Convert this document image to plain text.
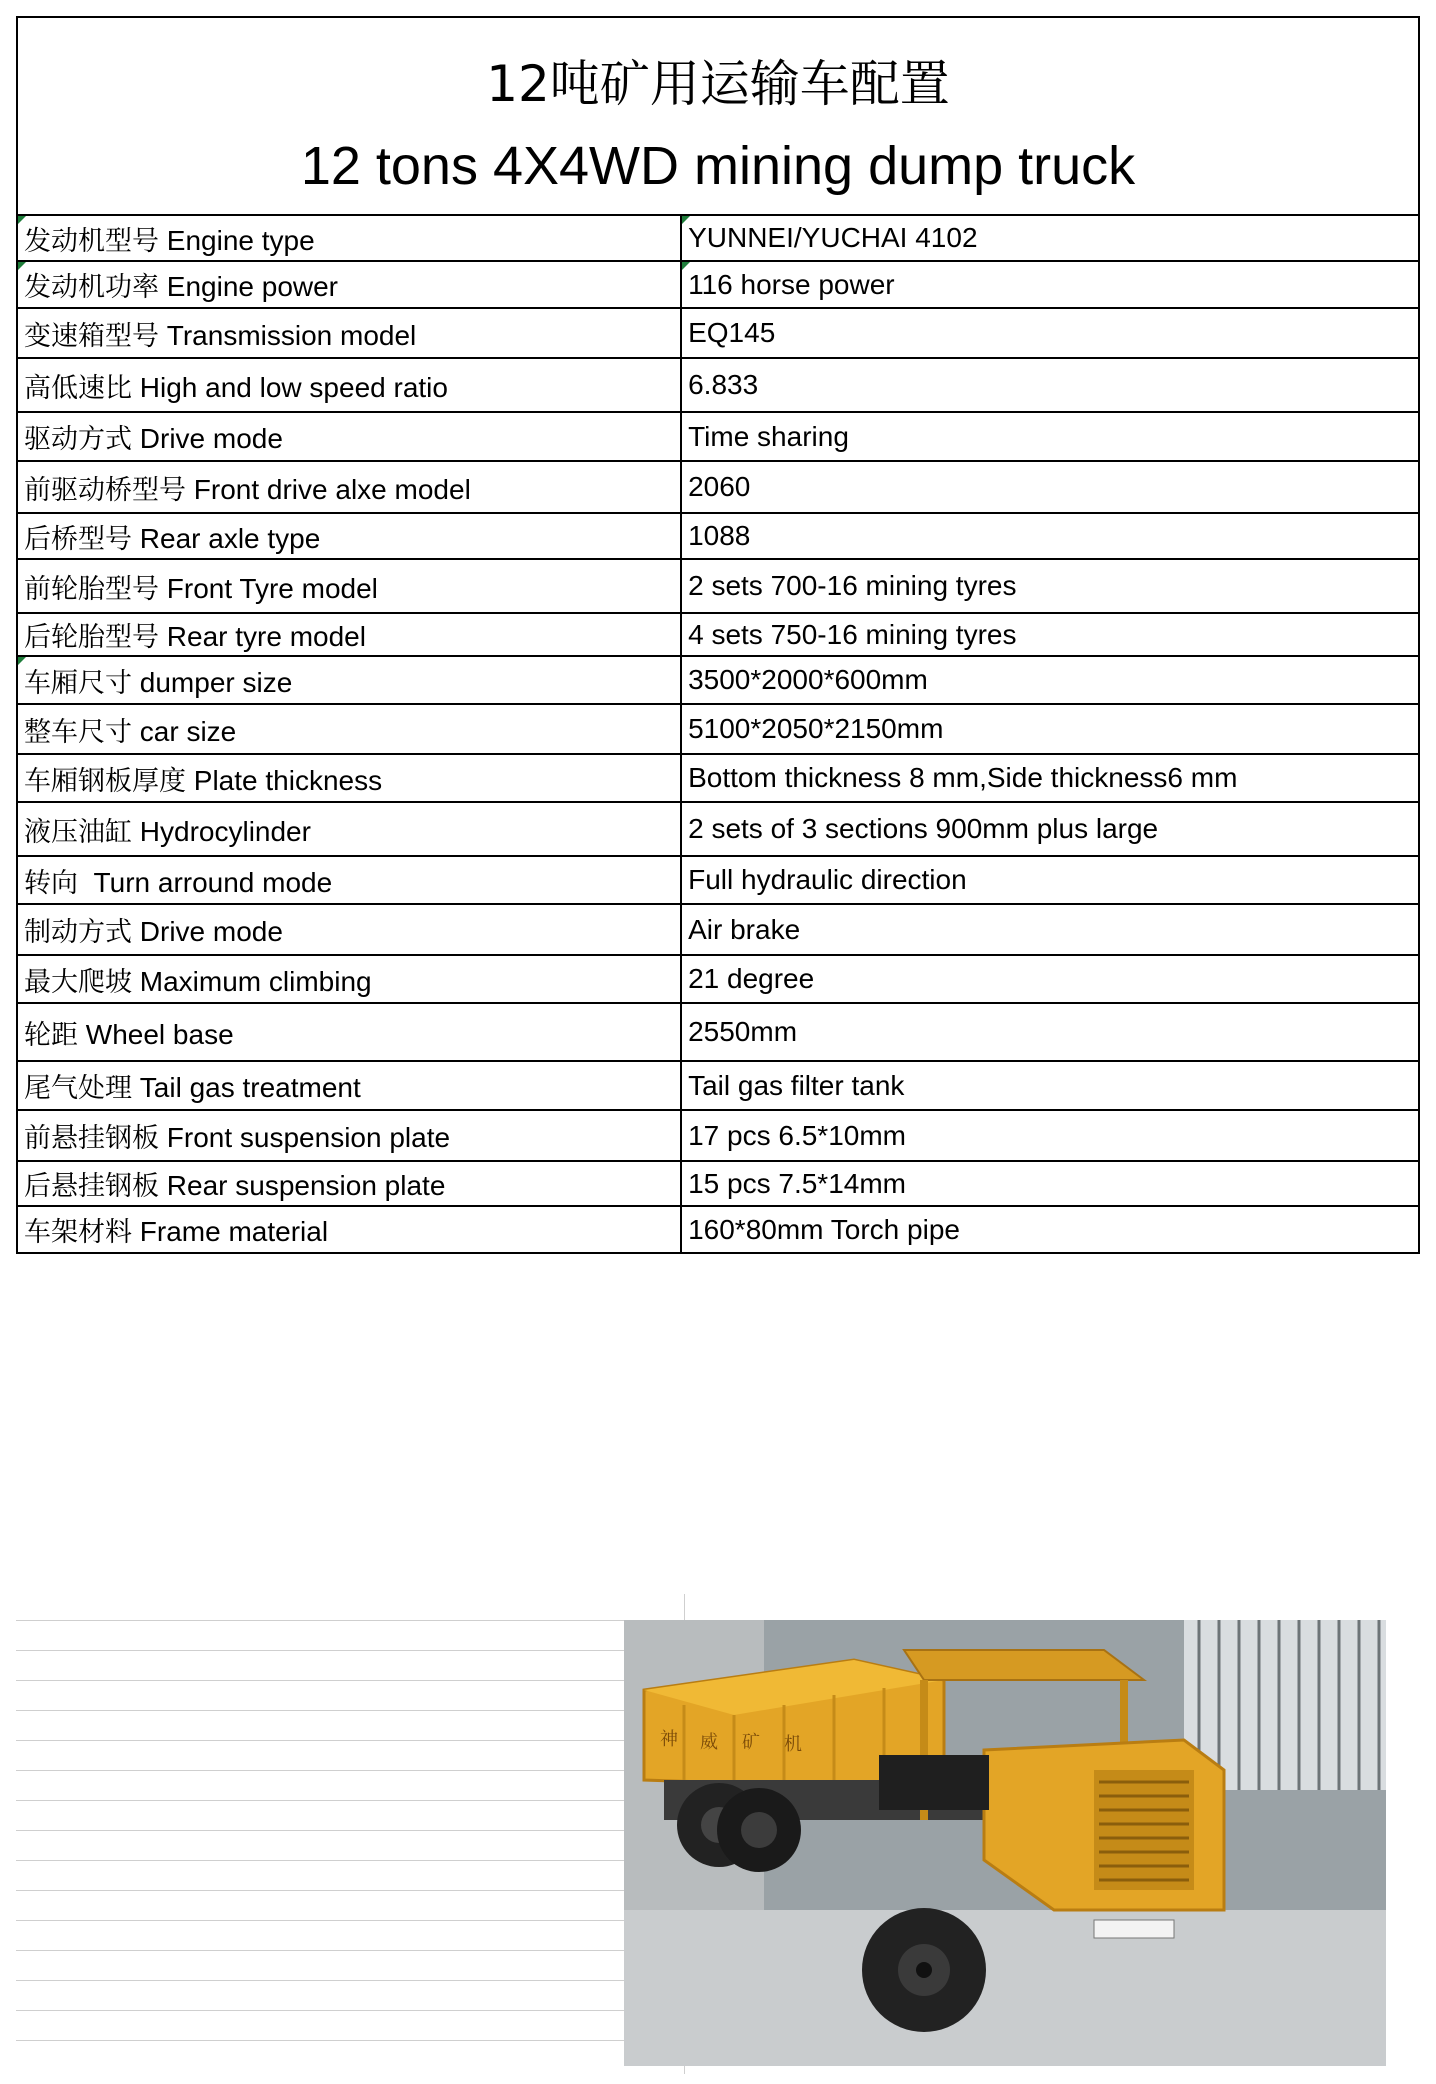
12吨矿用运输车配置
12 tons 4X4WD mining dump truck
发动机型号 Engine type	YUNNEI/YUCHAI 4102

发动机功率 Engine power	116 horse power
变速箱型号 Transmission model	EQ145
高低速比 High and low speed ratio	6.833
驱动方式 Drive mode	Time sharing
前驱动桥型号 Front drive alxe model	2060
后桥型号 Rear axle type	1088
前轮胎型号 Front Tyre model	2 sets 700-16 mining tyres
后轮胎型号 Rear tyre model	4 sets 750-16 mining tyres

车厢尺寸 dumper size	3500*2000*600mm
整车尺寸 car size	5100*2050*2150mm
车厢钢板厚度 Plate thickness	Bottom thickness 8 mm,Side thickness6 mm
液压油缸 Hydrocylinder	2 sets of 3 sections 900mm plus large
转向  Turn arround mode	Full hydraulic direction
制动方式 Drive mode	Air brake
最大爬坡 Maximum climbing	21 degree
轮距 Wheel base	2550mm
尾气处理 Tail gas treatment	Tail gas filter tank
前悬挂钢板 Front suspension plate	17 pcs 6.5*10mm
后悬挂钢板 Rear suspension plate	15 pcs 7.5*14mm
车架材料 Frame material	160*80mm Torch pipe
神 威 矿 机
